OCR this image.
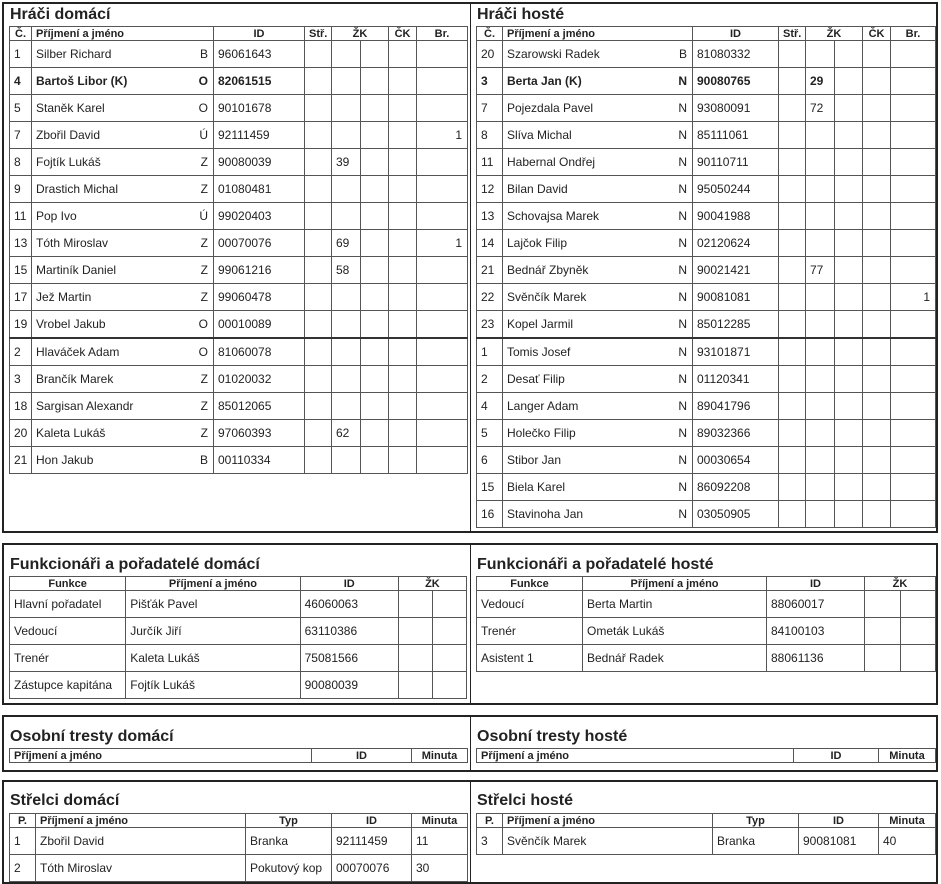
Hráči domácí
Č.	Příjmení a jméno	ID	Stř.	ŽK		ČK	Br.
1	Silber Richard B	96061643					
4	Bartoš Libor (K) O	82061515					
5	Staněk Karel O	90101678					
7	Zbořil David Ú	92111459					1
8	Fojtík Lukáš Z	90080039		39			
9	Drastich Michal Z	01080481					
11	Pop Ivo Ú	99020403					
13	Tóth Miroslav Z	00070076		69			1
15	Martiník Daniel Z	99061216		58			
17	Jež Martin Z	99060478					
19	Vrobel Jakub O	00010089					
2	Hlaváček Adam O	81060078					
3	Brančík Marek Z	01020032					
18	Sargisan Alexandr Z	85012065					
20	Kaleta Lukáš Z	97060393		62			
21	Hon Jakub B	00110334					
Hráči hosté
Č.	Příjmení a jméno	ID	Stř.	ŽK		ČK	Br.
20	Szarowski Radek B	81080332					
3	Berta Jan (K) N	90080765		29			
7	Pojezdala Pavel N	93080091		72			
8	Slíva Michal N	85111061					
11	Habernal Ondřej N	90110711					
12	Bilan David N	95050244					
13	Schovajsa Marek N	90041988					
14	Lajčok Filip N	02120624					
21	Bednář Zbyněk N	90021421		77			
22	Svěnčík Marek N	90081081					1
23	Kopel Jarmil N	85012285					
1	Tomis Josef N	93101871					
2	Desať Filip N	01120341					
4	Langer Adam N	89041796					
5	Holečko Filip N	89032366					
6	Stibor Jan N	00030654					
15	Biela Karel N	86092208					
16	Stavinoha Jan N	03050905					
Funkcionáři a pořadatelé domácí
Funkce	Příjmení a jméno	ID	ŽK	
Hlavní pořadatel	Pišťák Pavel	46060063		
Vedoucí	Jurčík Jiří	63110386		
Trenér	Kaleta Lukáš	75081566		
Zástupce kapitána	Fojtík Lukáš	90080039		
Funkcionáři a pořadatelé hosté
Funkce	Příjmení a jméno	ID	ŽK	
Vedoucí	Berta Martin	88060017		
Trenér	Ometák Lukáš	84100103		
Asistent 1	Bednář Radek	88061136		
Osobní tresty domácí
Příjmení a jméno	ID	Minuta
Osobní tresty hosté
Příjmení a jméno	ID	Minuta
Střelci domácí
P.	Příjmení a jméno	Typ	ID	Minuta
1	Zbořil David	Branka	92111459	11
2	Tóth Miroslav	Pokutový kop	00070076	30
Střelci hosté
P.	Příjmení a jméno	Typ	ID	Minuta
3	Svěnčík Marek	Branka	90081081	40
